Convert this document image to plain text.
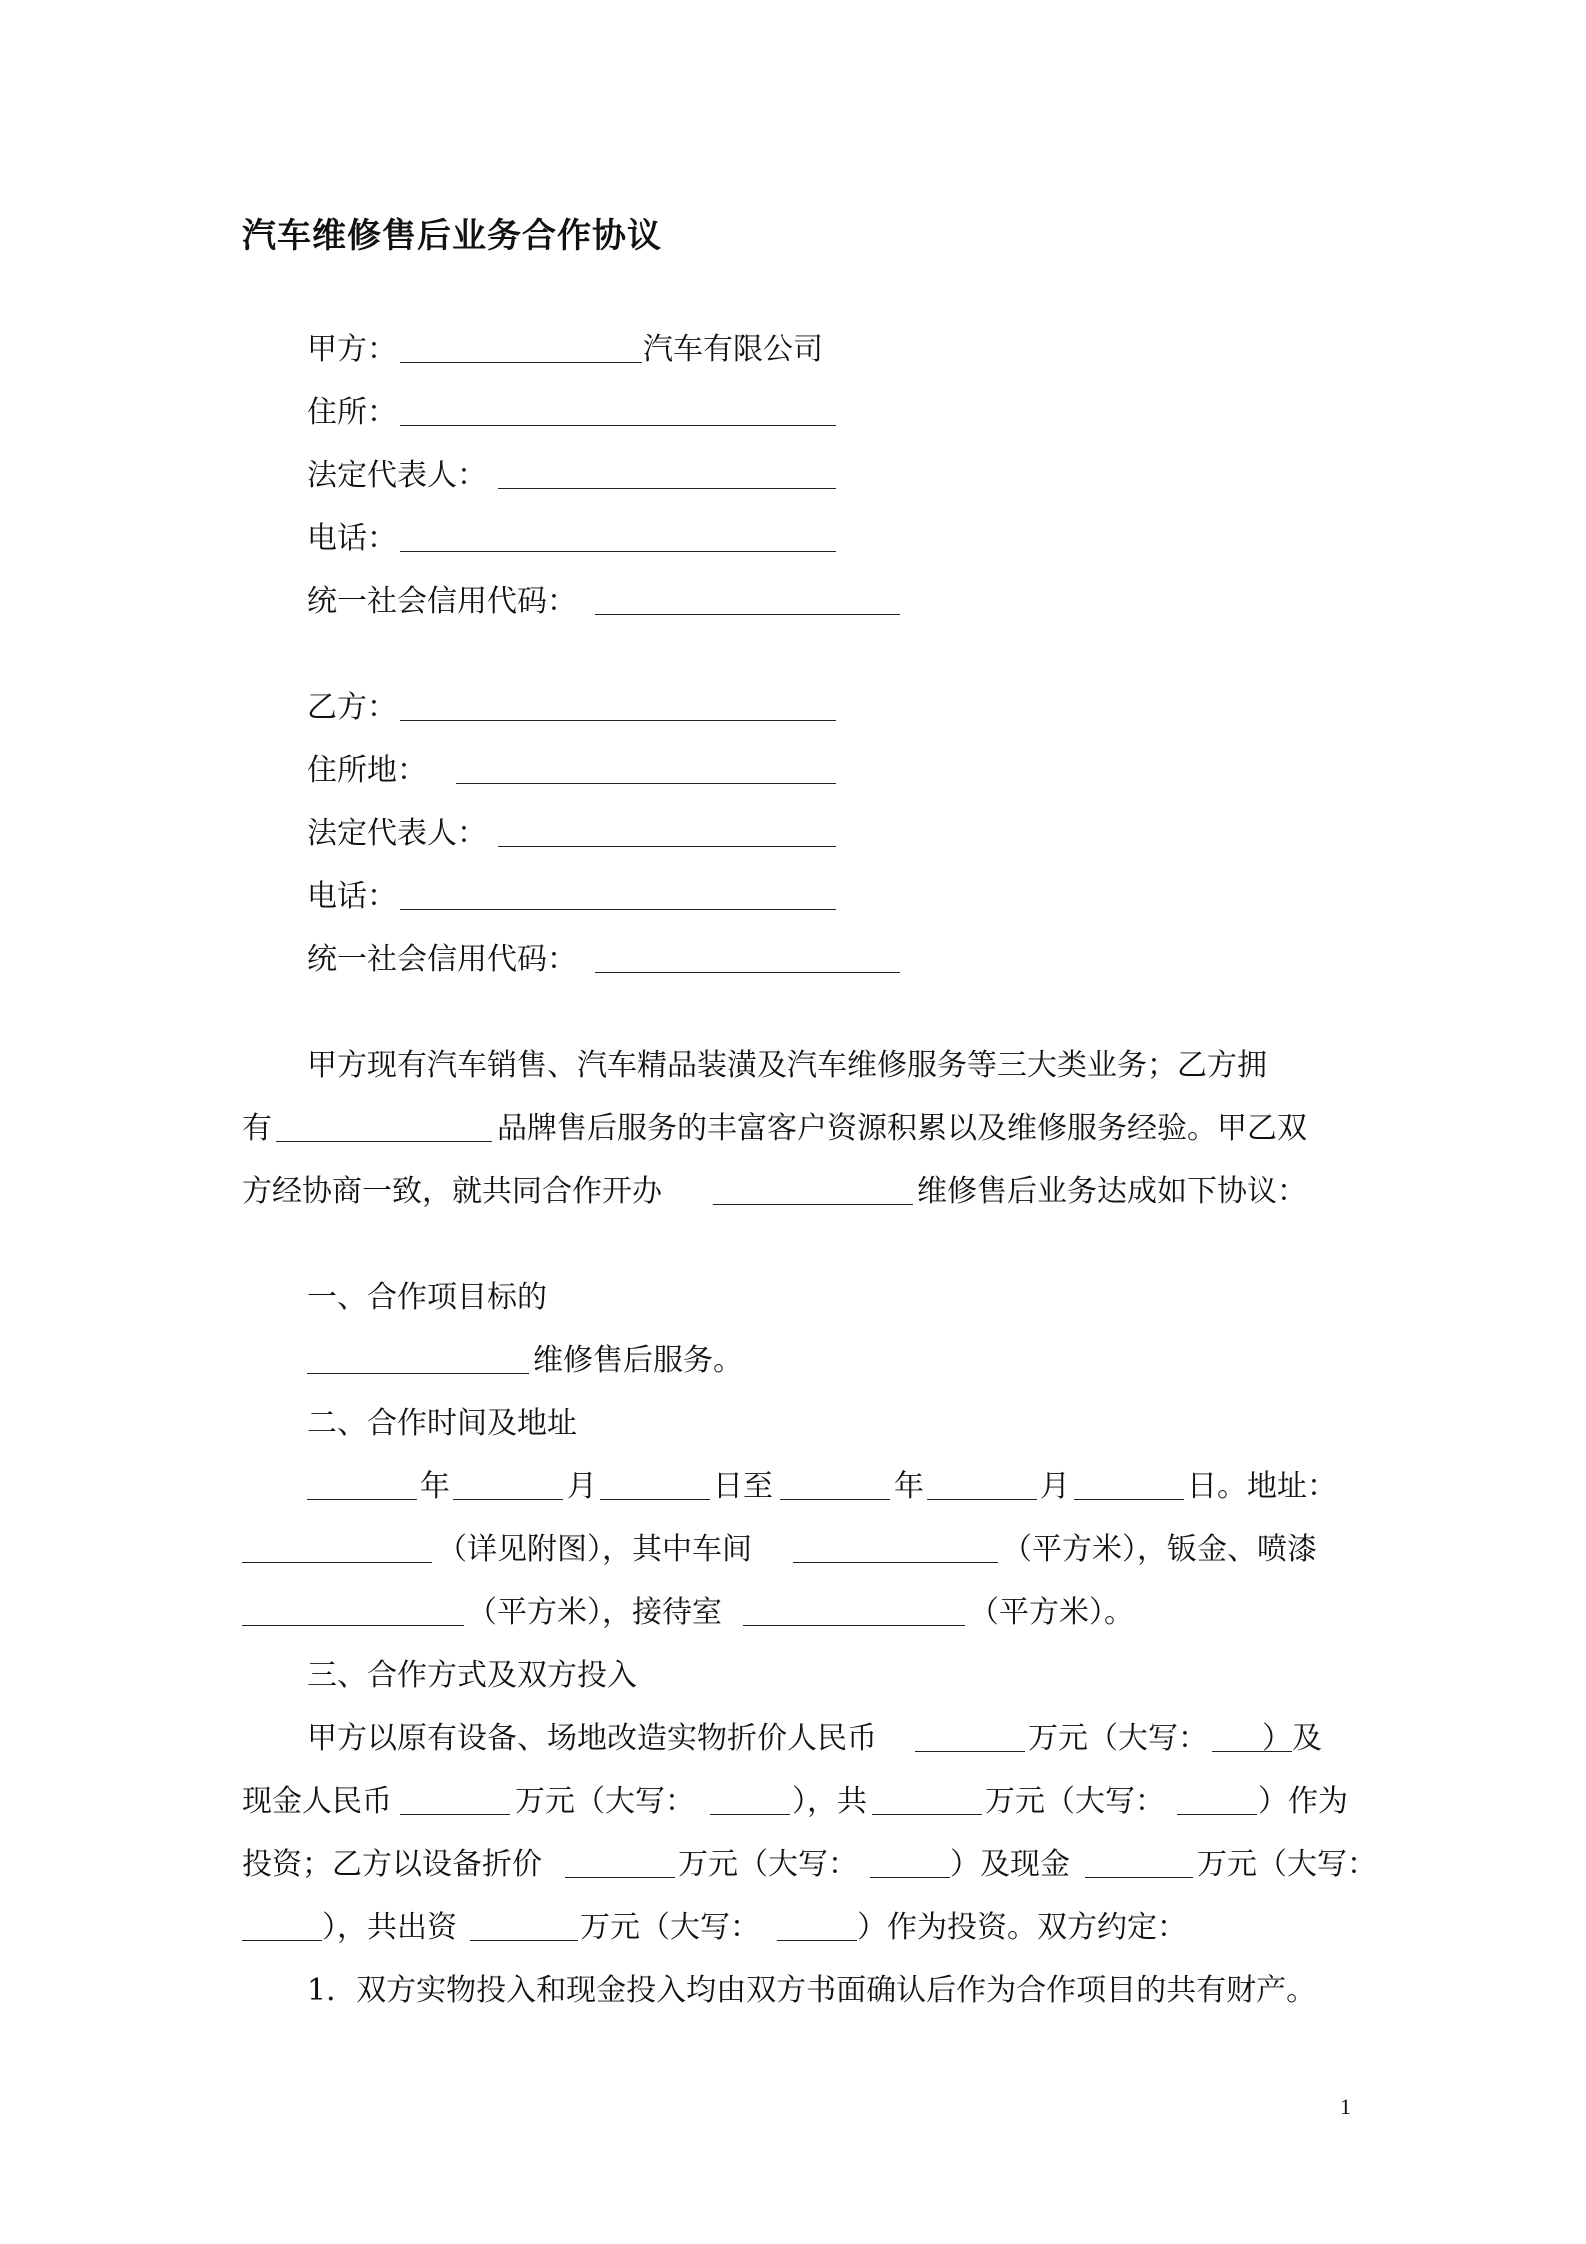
汽车维修售后业务合作协议
甲方：	汽车有限公司
住所：
法定代表人：
电话：
统一社会信用代码：
乙方：
住所地：
法定代表人：
电话：
统一社会信用代码：
甲方现有汽车销售、汽车精品装潢及汽车维修服务等三大类业务；乙方拥
有	品牌售后服务的丰富客户资源积累以及维修服务经验。甲乙双
方经协商一致，就共同合作开办	维修售后业务达成如下协议：
一、合作项目标的
维修售后服务。
二、合作时间及地址
年	月	日至	年	月	日。地址：
（详见附图），其中车间	（平方米），钣金、喷漆
（平方米），接待室	（平方米）。
三、合作方式及双方投入
甲方以原有设备、场地改造实物折价人民币	万元（大写： ）及
现金人民币	万元（大写：	），共	万元（大写：	）作为
投资；乙方以设备折价	万元（大写：	）及现金	万元（大写：
），共出资	万元（大写：	）作为投资。双方约定：
1．双方实物投入和现金投入均由双方书面确认后作为合作项目的共有财产。
1
